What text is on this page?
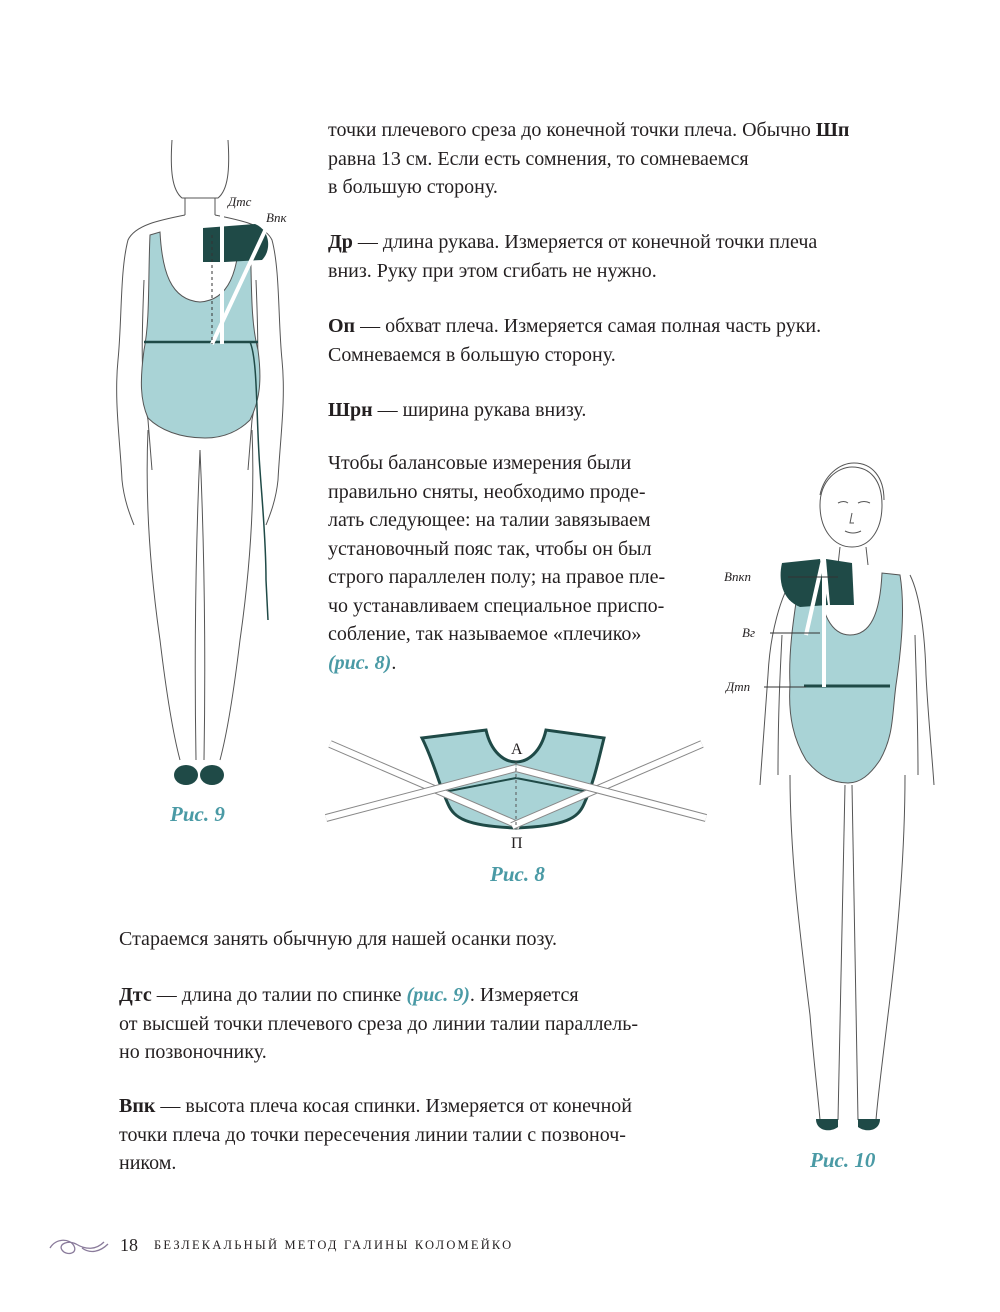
точки плечевого среза до конечной точки плеча. Обычно Шп
равна 13 см. Если есть сомнения, то сомневаемся
в большую сторону.
Др — длина рукава. Измеряется от конечной точки плеча
вниз. Руку при этом сгибать не нужно.
Оп — обхват плеча. Измеряется самая полная часть руки.
Сомневаемся в большую сторону.
Шрн — ширина рукава внизу.
Чтобы балансовые измерения были
правильно сняты, необходимо проде-
лать следующее: на талии завязываем
установочный пояс так, чтобы он был
строго параллелен полу; на правое пле-
чо устанавливаем специальное приспо-
собление, так называемое «плечико»
(рис. 8).
Стараемся занять обычную для нашей осанки позу.
Дтс — длина до талии по спинке (рис. 9). Измеряется
от высшей точки плечевого среза до линии талии параллель-
но позвоночнику.
Впк — высота плеча косая спинки. Измеряется от конечной
точки плеча до точки пересечения линии талии с позвоноч-
ником.
Дтс
Впк
Рис. 9
А
П
Рис. 8
Впкп
Вг
Дтп
Рис. 10
18 БЕЗЛЕКАЛЬНЫЙ МЕТОД ГАЛИНЫ КОЛОМЕЙКО
